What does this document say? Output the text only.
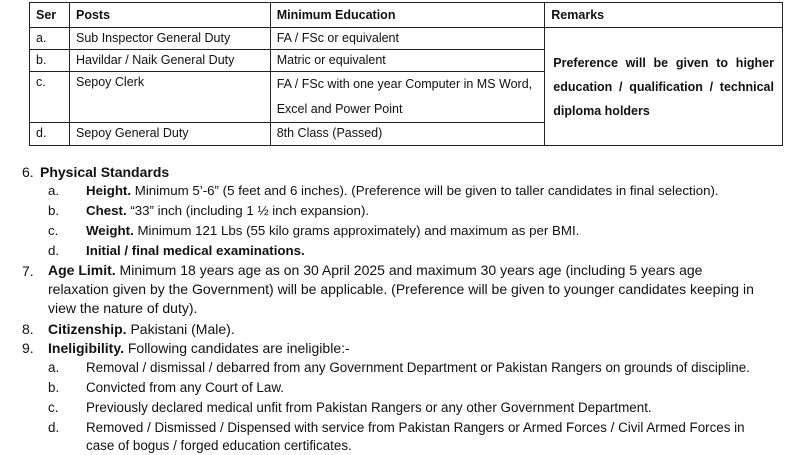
Ser	Posts	Minimum Education	Remarks
a.	Sub Inspector General Duty	FA / FSc or equivalent	Preference will be given to higher education / qualification / technical diploma holders
b.	Havildar / Naik General Duty	Matric or equivalent	
c.	Sepoy Clerk	FA / FSc with one year Computer in MS Word, Excel and Power Point	
d.	Sepoy General Duty	8th Class (Passed)	
6. Physical Standards
a. Height. Minimum 5’-6” (5 feet and 6 inches). (Preference will be given to taller candidates in final selection).
b. Chest. “33” inch (including 1 ½ inch expansion).
c. Weight. Minimum 121 Lbs (55 kilo grams approximately) and maximum as per BMI.
d. Initial / final medical examinations.
7. Age Limit. Minimum 18 years age as on 30 April 2025 and maximum 30 years age (including 5 years age relaxation given by the Government) will be applicable. (Preference will be given to younger candidates keeping in view the nature of duty).
8. Citizenship. Pakistani (Male).
9. Ineligibility. Following candidates are ineligible:-
a. Removal / dismissal / debarred from any Government Department or Pakistan Rangers on grounds of discipline.
b. Convicted from any Court of Law.
c. Previously declared medical unfit from Pakistan Rangers or any other Government Department.
d. Removed / Dismissed / Dispensed with service from Pakistan Rangers or Armed Forces / Civil Armed Forces in case of bogus / forged education certificates.
